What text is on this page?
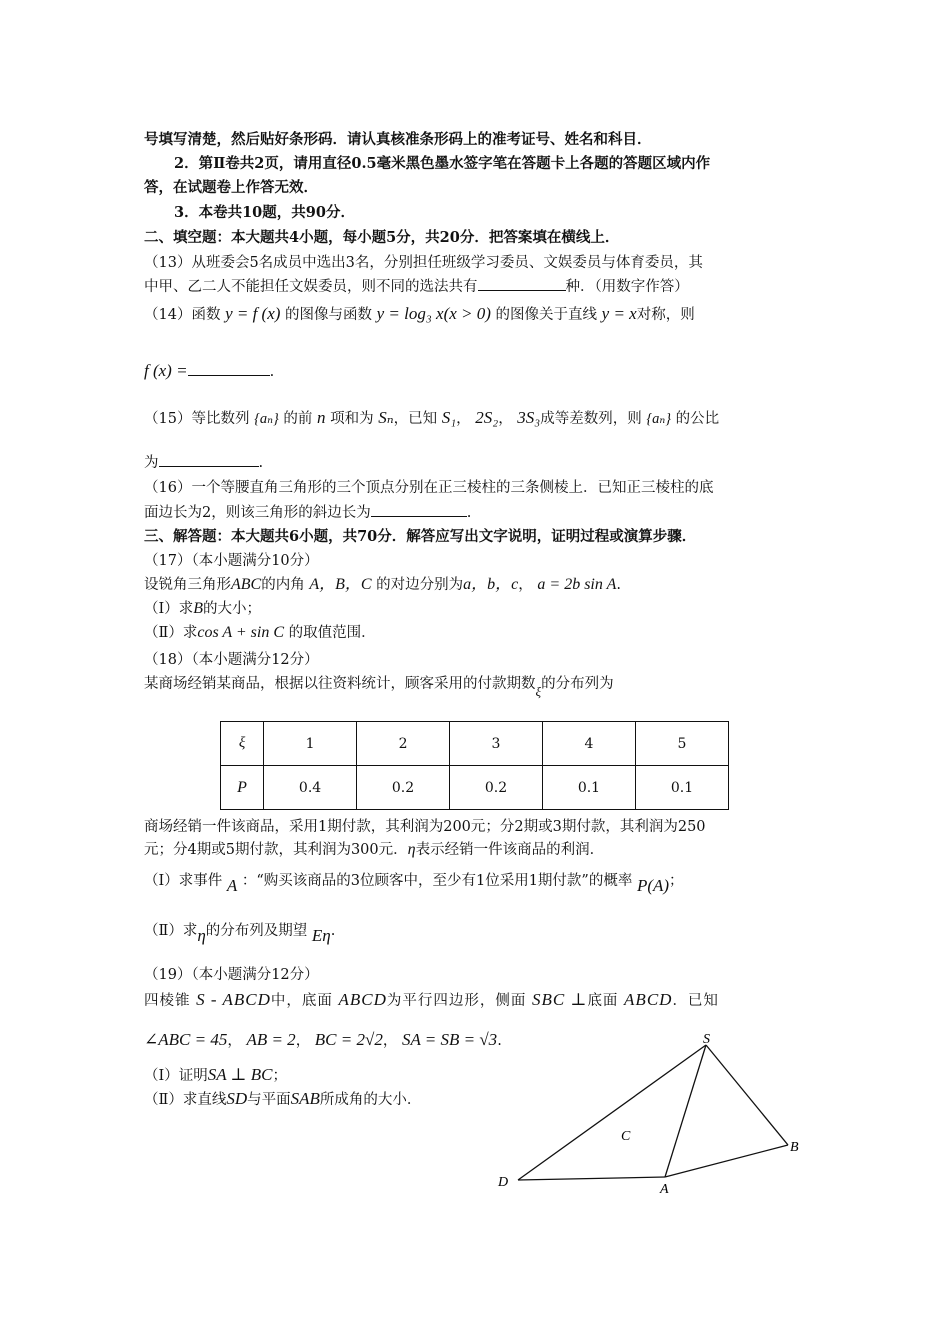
号填写清楚，然后贴好条形码．请认真核准条形码上的准考证号、姓名和科目．
2．第Ⅱ卷共2页，请用直径0.5毫米黑色墨水签字笔在答题卡上各题的答题区域内作
答，在试题卷上作答无效．
3．本卷共10题，共90分．
二、填空题：本大题共4小题，每小题5分，共20分．把答案填在横线上．
（13）从班委会5名成员中选出3名，分别担任班级学习委员、文娱委员与体育委员，其
中甲、乙二人不能担任文娱委员，则不同的选法共有	种．（用数字作答）
（14）函数 y = f (x) 的图像与函数 y = log₃ x(x > 0) 的图像关于直线 y = x对称，则
f (x) =	.
（15）等比数列 {aₙ} 的前 n 项和为 Sₙ，已知 S₁， 2S₂， 3S₃成等差数列，则 {aₙ} 的公比
为	.
（16）一个等腰直角三角形的三个顶点分别在正三棱柱的三条侧棱上．已知正三棱柱的底
面边长为2，则该三角形的斜边长为	.
三、解答题：本大题共6小题，共70分．解答应写出文字说明，证明过程或演算步骤．
（17）（本小题满分10分）
设锐角三角形ABC的内角 A，B，C 的对边分别为a，b，c， a = 2b sin A.
（Ⅰ）求B的大小；
（Ⅱ）求cos A + sin C 的取值范围．
（18）（本小题满分12分）
某商场经销某商品，根据以往资料统计，顾客采用的付款期数ξ的分布列为
ξ	1	2	3	4	5
P	0.4	0.2	0.2	0.1	0.1
商场经销一件该商品，采用1期付款，其利润为200元；分2期或3期付款，其利润为250
元；分4期或5期付款，其利润为300元．η表示经销一件该商品的利润．
（Ⅰ）求事件 A ：“购买该商品的3位顾客中，至少有1位采用1期付款”的概率 P(A)；
（Ⅱ）求η的分布列及期望 Eη.
（19）（本小题满分12分）
四棱锥 S - ABCD中，底面 ABCD为平行四边形，侧面 SBC ⊥底面 ABCD．已知
∠ABC = 45， AB = 2， BC = 2√2， SA = SB = √3.
（Ⅰ）证明SA ⊥ BC；
（Ⅱ）求直线SD与平面SAB所成角的大小．
S
B
C
D	A
